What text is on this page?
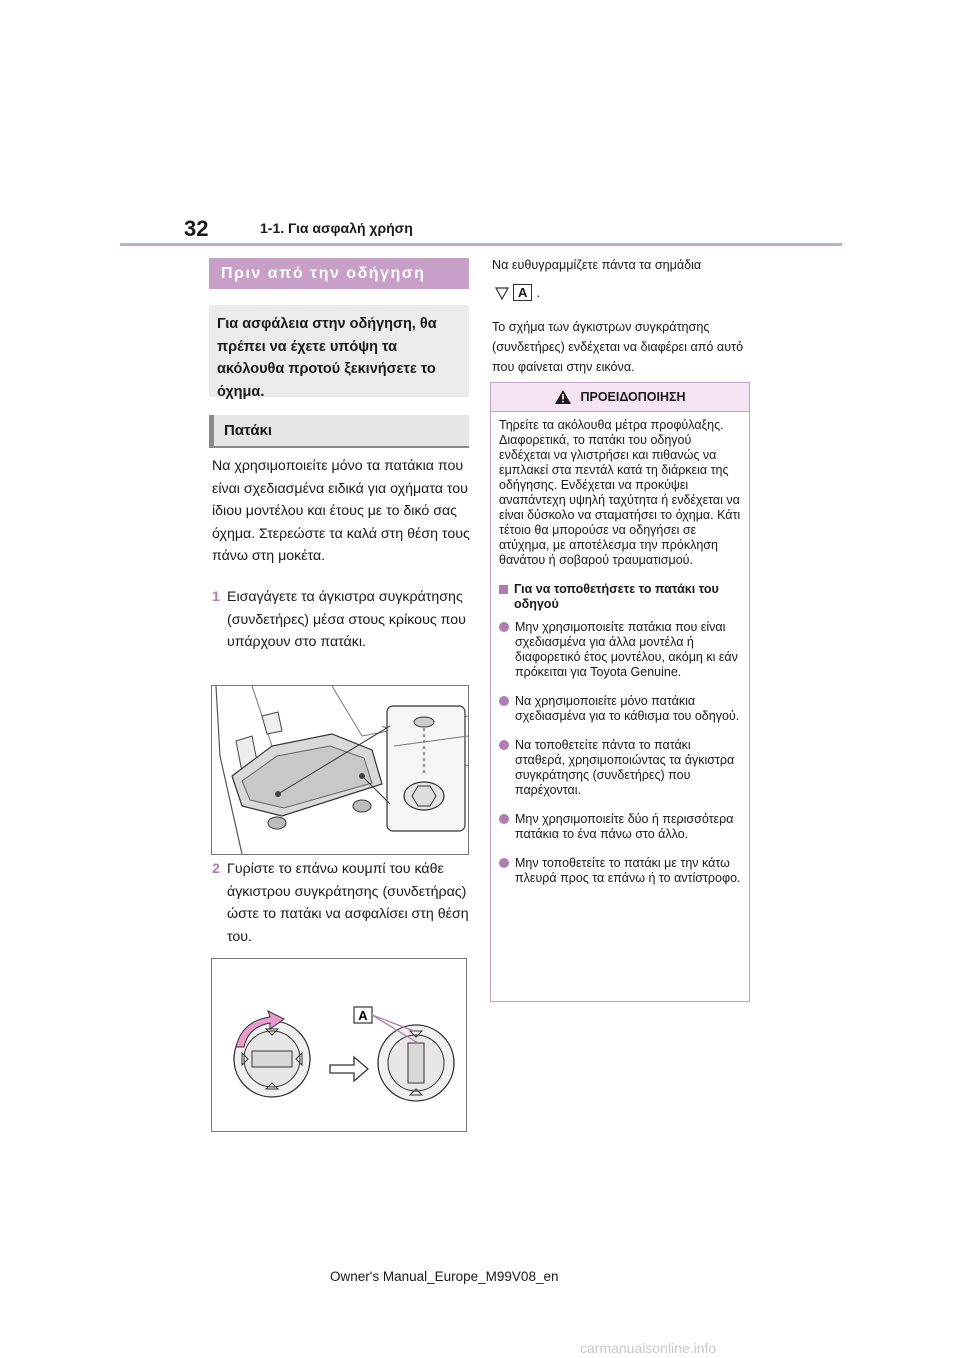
32	1-1. Για ασφαλή χρήση
Πριν από την οδήγηση
Για ασφάλεια στην οδήγηση, θα πρέπει να έχετε υπόψη τα ακόλουθα προτού ξεκινήσετε το όχημα.
Πατάκι
Να χρησιμοποιείτε μόνο τα πατάκια που είναι σχεδιασμένα ειδικά για οχήματα του ίδιου μοντέλου και έτους με το δικό σας όχημα. Στερεώστε τα καλά στη θέση τους πάνω στη μοκέτα.
1 Εισαγάγετε τα άγκιστρα συγκράτησης (συνδετήρες) μέσα στους κρίκους που υπάρχουν στο πατάκι.
2 Γυρίστε το επάνω κουμπί του κάθε άγκιστρου συγκράτησης (συνδετήρας) ώστε το πατάκι να ασφαλίσει στη θέση του.
A
Να ευθυγραμμίζετε πάντα τα σημάδια
A .
Το σχήμα των άγκιστρων συγκράτησης (συνδετήρες) ενδέχεται να διαφέρει από αυτό που φαίνεται στην εικόνα.
ΠΡΟΕΙΔΟΠΟΙΗΣΗ
Τηρείτε τα ακόλουθα μέτρα προφύλαξης.
Διαφορετικά, το πατάκι του οδηγού ενδέχεται να γλιστρήσει και πιθανώς να εμπλακεί στα πεντάλ κατά τη διάρκεια της οδήγησης. Ενδέχεται να προκύψει αναπάντεχη υψηλή ταχύτητα ή ενδέχεται να είναι δύσκολο να σταματήσει το όχημα. Κάτι τέτοιο θα μπορούσε να οδηγήσει σε ατύχημα, με αποτέλεσμα την πρόκληση θανάτου ή σοβαρού τραυματισμού.
Για να τοποθετήσετε το πατάκι του οδηγού
Μην χρησιμοποιείτε πατάκια που είναι σχεδιασμένα για άλλα μοντέλα ή διαφορετικό έτος μοντέλου, ακόμη κι εάν πρόκειται για Toyota Genuine.
Να χρησιμοποιείτε μόνο πατάκια σχεδιασμένα για το κάθισμα του οδηγού.
Να τοποθετείτε πάντα το πατάκι σταθερά, χρησιμοποιώντας τα άγκιστρα συγκράτησης (συνδετήρες) που παρέχονται.
Μην χρησιμοποιείτε δύο ή περισσότερα πατάκια το ένα πάνω στο άλλο.
Μην τοποθετείτε το πατάκι με την κάτω πλευρά προς τα επάνω ή το αντίστροφο.
Owner's Manual_Europe_M99V08_en
carmanualsonline.info
